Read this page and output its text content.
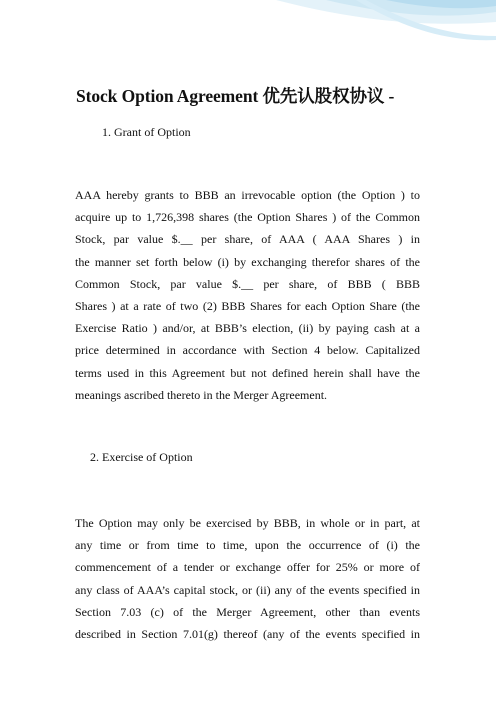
Stock Option Agreement 优先认股权协议 -
1. Grant of Option
AAA hereby grants to BBB an irrevocable option (the Option ) to
acquire up to 1,726,398 shares (the Option Shares ) of the Common
Stock, par value $.__ per share, of AAA ( AAA Shares ) in
the manner set forth below (i) by exchanging therefor shares of the
Common Stock, par value $.__ per share, of BBB ( BBB
Shares ) at a rate of two (2) BBB Shares for each Option Share (the
Exercise Ratio ) and/or, at BBB’s election, (ii) by paying cash at a
price determined in accordance with Section 4 below. Capitalized
terms used in this Agreement but not defined herein shall have the
meanings ascribed thereto in the Merger Agreement.
2. Exercise of Option
The Option may only be exercised by BBB, in whole or in part, at
any time or from time to time, upon the occurrence of (i) the
commencement of a tender or exchange offer for 25% or more of
any class of AAA’s capital stock, or (ii) any of the events specified in
Section 7.03 (c) of the Merger Agreement, other than events
described in Section 7.01(g) thereof (any of the events specified in
